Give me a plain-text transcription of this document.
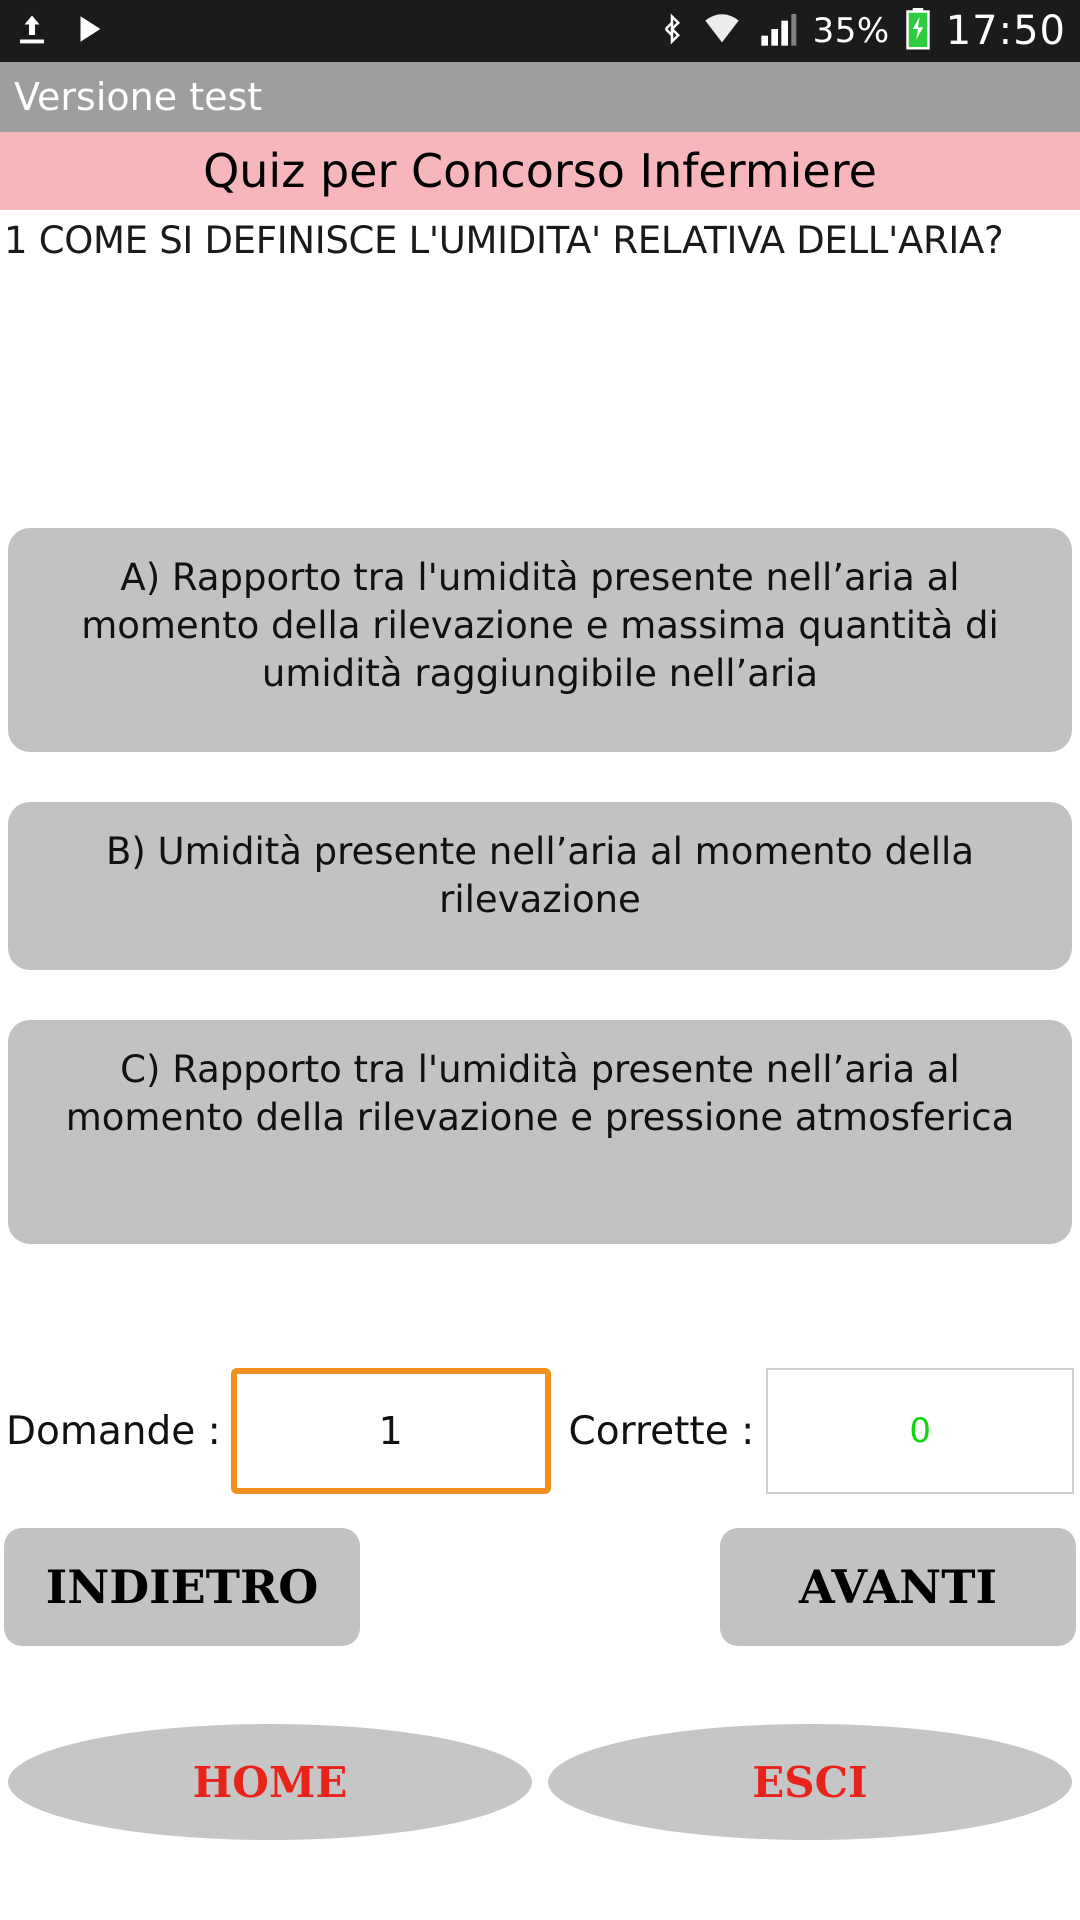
35% 17:50
Versione test
Quiz per Concorso Infermiere
1 COME SI DEFINISCE L'UMIDITA' RELATIVA DELL'ARIA?
A) Rapporto tra l'umidità presente nell’aria al momento della rilevazione e massima quantità di umidità raggiungibile nell’aria
B) Umidità presente nell’aria al momento della rilevazione
C) Rapporto tra l'umidità presente nell’aria al momento della rilevazione e pressione atmosferica
Domande :	1	Corrette :	0
INDIETRO	AVANTI
HOME	ESCI
